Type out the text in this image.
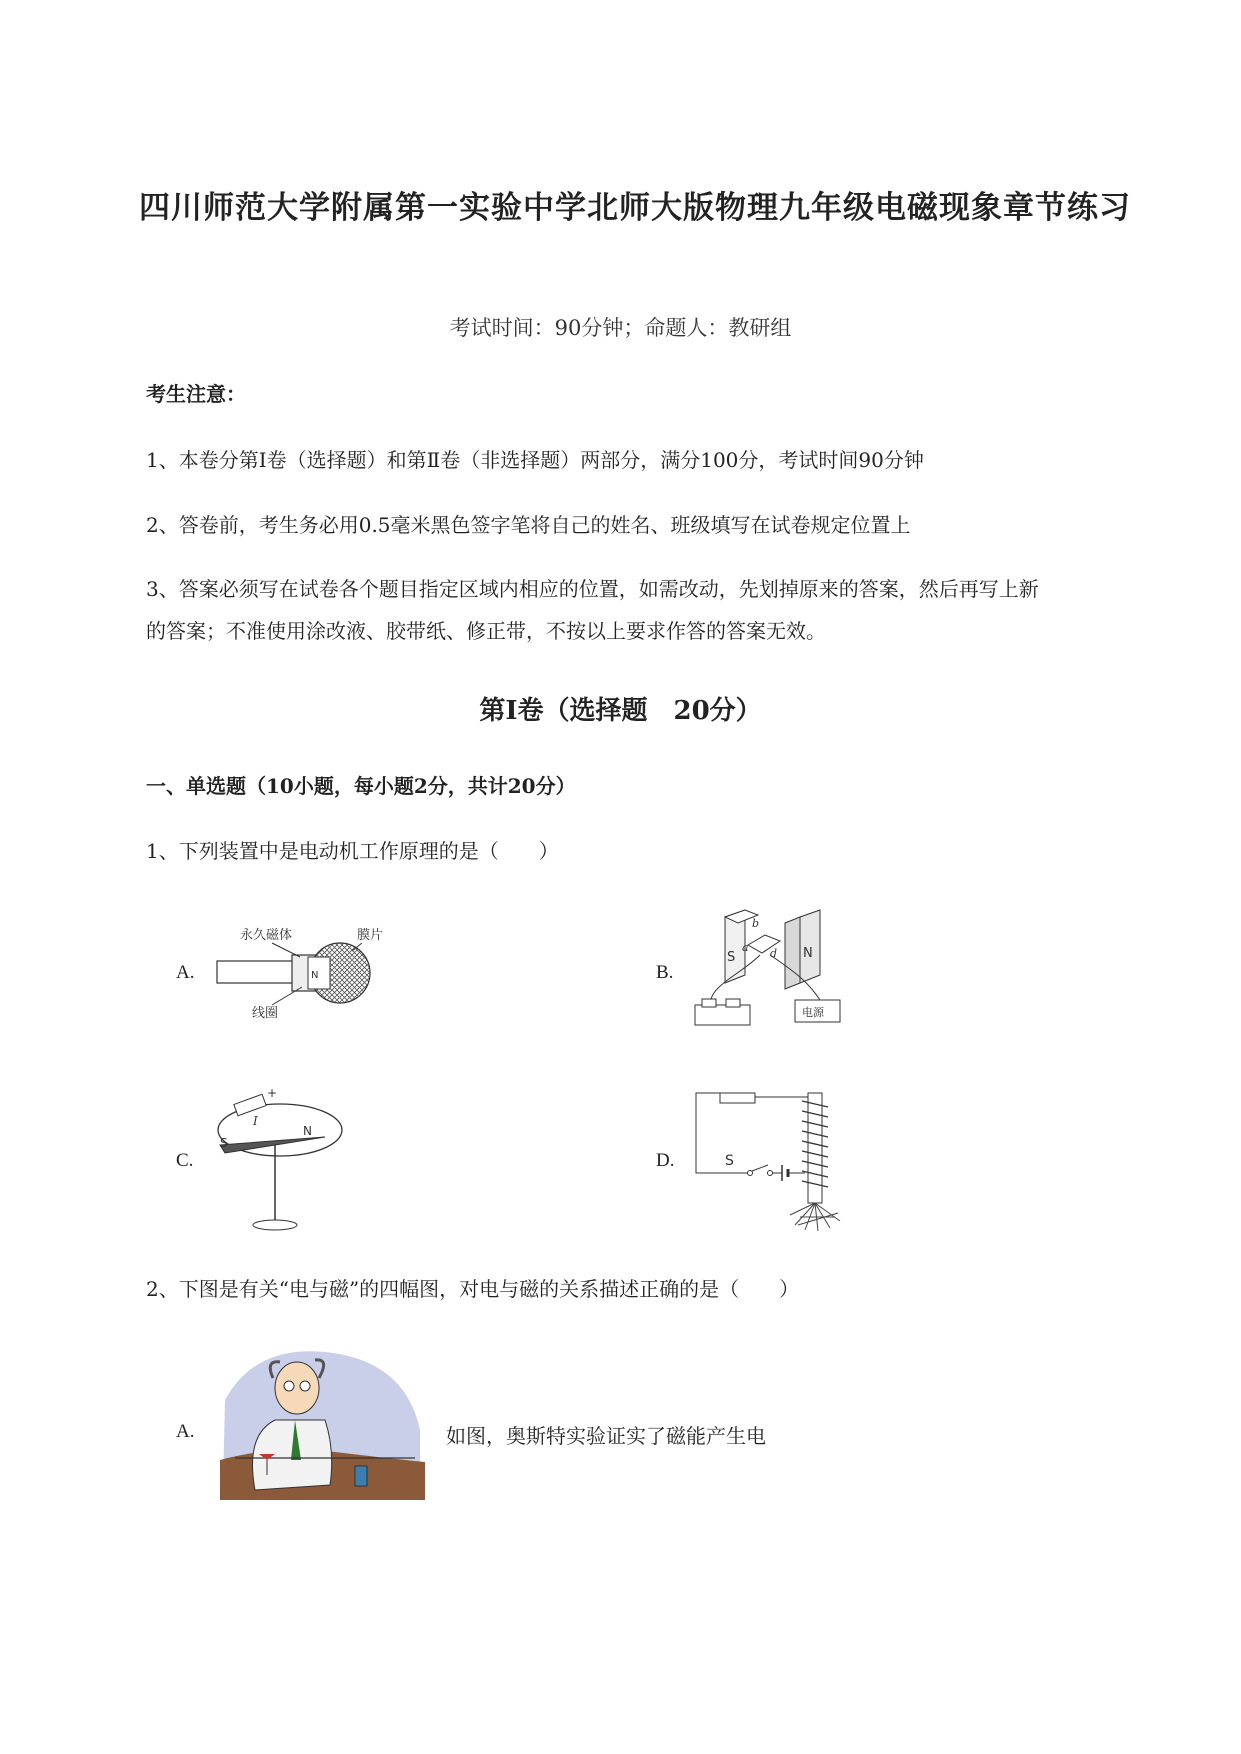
四川师范大学附属第一实验中学北师大版物理九年级电磁现象章节练习
考试时间：90分钟；命题人：教研组
考生注意：
1、本卷分第I卷（选择题）和第Ⅱ卷（非选择题）两部分，满分100分，考试时间90分钟
2、答卷前，考生务必用0.5毫米黑色签字笔将自己的姓名、班级填写在试卷规定位置上
3、答案必须写在试卷各个题目指定区域内相应的位置，如需改动，先划掉原来的答案，然后再写上新
的答案；不准使用涂改液、胶带纸、修正带，不按以上要求作答的答案无效。
第I卷（选择题　20分）
一、单选题（10小题，每小题2分，共计20分）
1、下列装置中是电动机工作原理的是（　　）
A.
永久磁体	膜片
线圈
N	B.
S	N
b
a d
电源
C.
+
I
S
N
D.	S
2、下图是有关“电与磁”的四幅图，对电与磁的关系描述正确的是（　　）
A.	如图，奥斯特实验证实了磁能产生电
